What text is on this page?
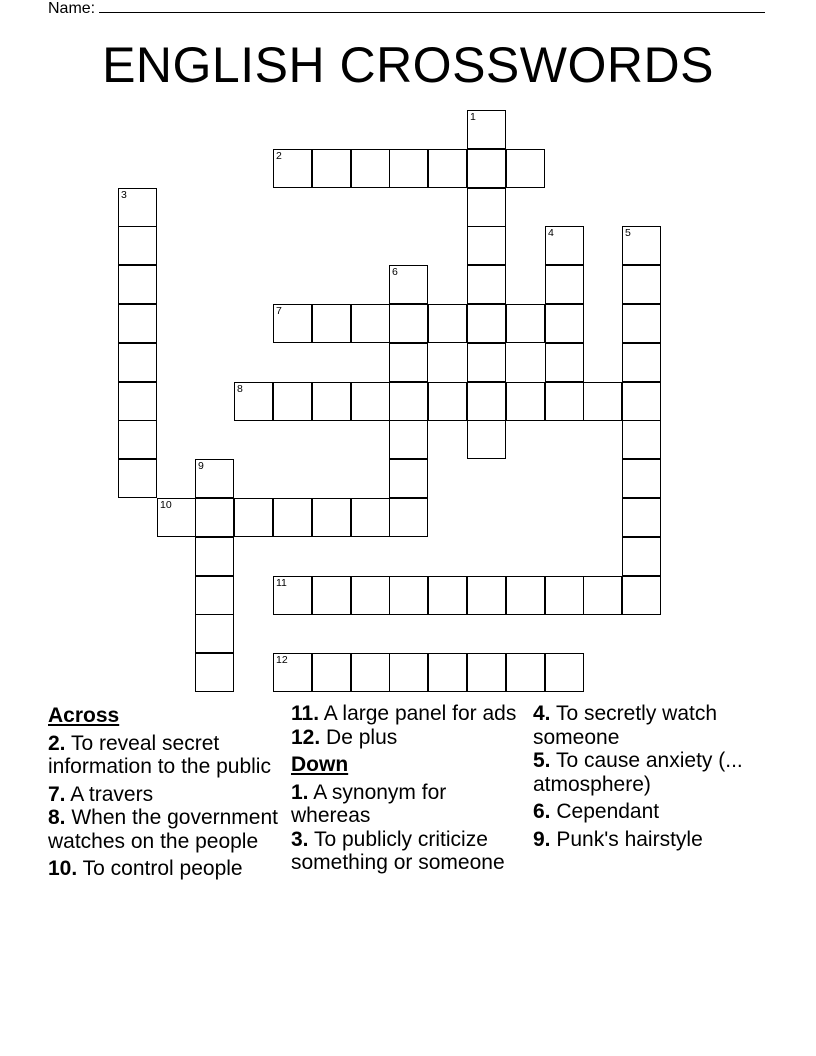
Name:
ENGLISH CROSSWORDS
1
2
3
4	5
6
7
8
9
10
11
12
Across
2. To reveal secret information to the public
7. A travers
8. When the government watches on the people
10. To control people
11. A large panel for ads
12. De plus
Down
1. A synonym for whereas
3. To publicly criticize something or someone
4. To secretly watch someone
5. To cause anxiety (... atmosphere)
6. Cependant
9. Punk's hairstyle
